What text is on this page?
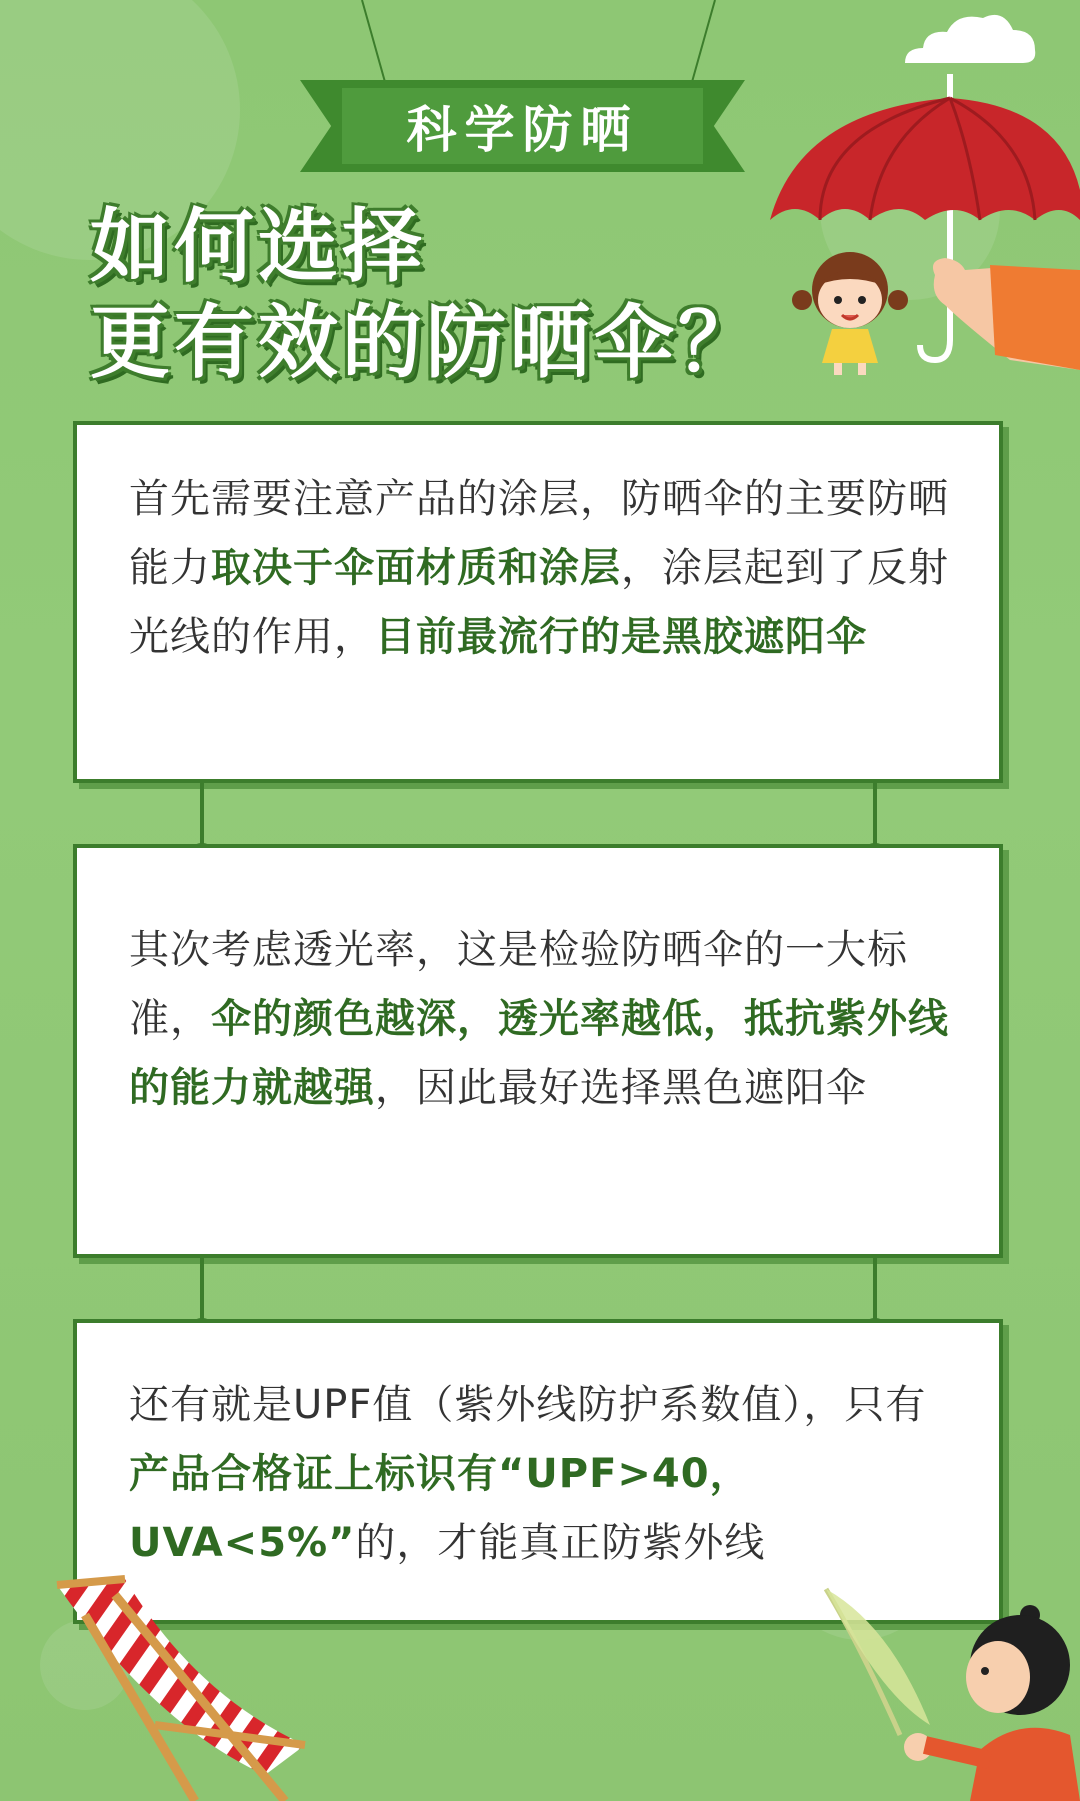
科学防晒
如何选择
更有效的防晒伞？
首先需要注意产品的涂层，防晒伞的主要防晒能力取决于伞面材质和涂层，涂层起到了反射光线的作用，目前最流行的是黑胶遮阳伞
其次考虑透光率，这是检验防晒伞的一大标准，伞的颜色越深，透光率越低，抵抗紫外线的能力就越强，因此最好选择黑色遮阳伞
还有就是UPF值（紫外线防护系数值），只有产品合格证上标识有“UPF>40，UVA<5%”的，才能真正防紫外线
